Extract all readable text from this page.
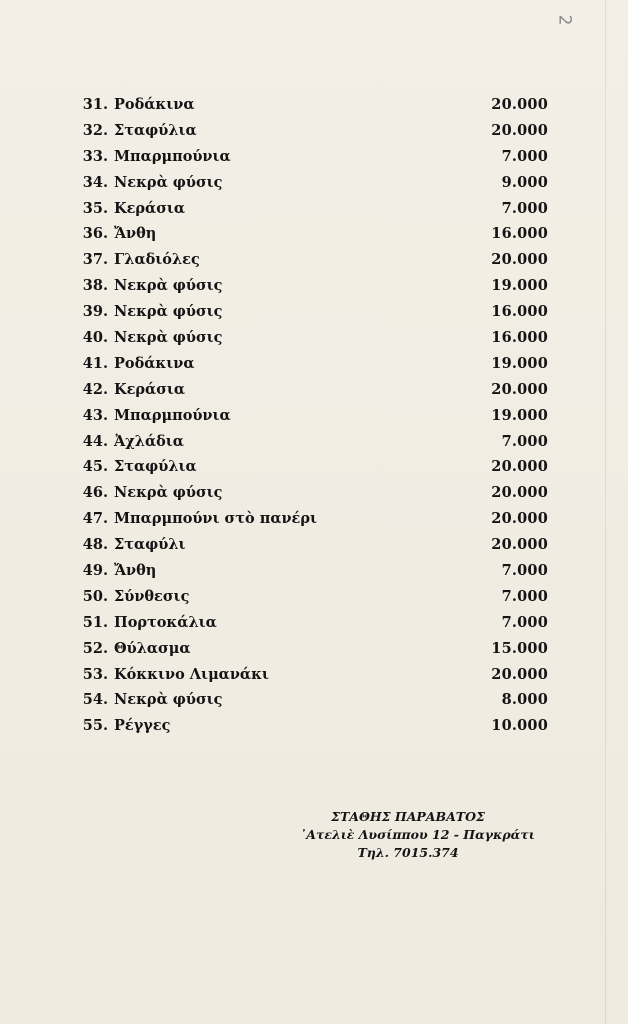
2
31. Ροδάκινα	20.000
32. Σταφύλια	20.000
33. Μπαρμπούνια	7.000
34. Νεκρὰ φύσις	9.000
35. Κεράσια	7.000
36. Ἄνθη	16.000
37. Γλαδιόλες	20.000
38. Νεκρὰ φύσις	19.000
39. Νεκρὰ φύσις	16.000
40. Νεκρὰ φύσις	16.000
41. Ροδάκινα	19.000
42. Κεράσια	20.000
43. Μπαρμπούνια	19.000
44. Ἀχλάδια	7.000
45. Σταφύλια	20.000
46. Νεκρὰ φύσις	20.000
47. Μπαρμπούνι στὸ πανέρι	20.000
48. Σταφύλι	20.000
49. Ἄνθη	7.000
50. Σύνθεσις	7.000
51. Πορτοκάλια	7.000
52. Θύλασμα	15.000
53. Κόκκινο Λιμανάκι	20.000
54. Νεκρὰ φύσις	8.000
55. Ρέγγες	10.000
ΣΤΑΘΗΣ ΠΑΡΑΒΑΤΟΣ
᾿Ατελιὲ Λυσίππου 12 - Παγκράτι
Τηλ. 7015.374
